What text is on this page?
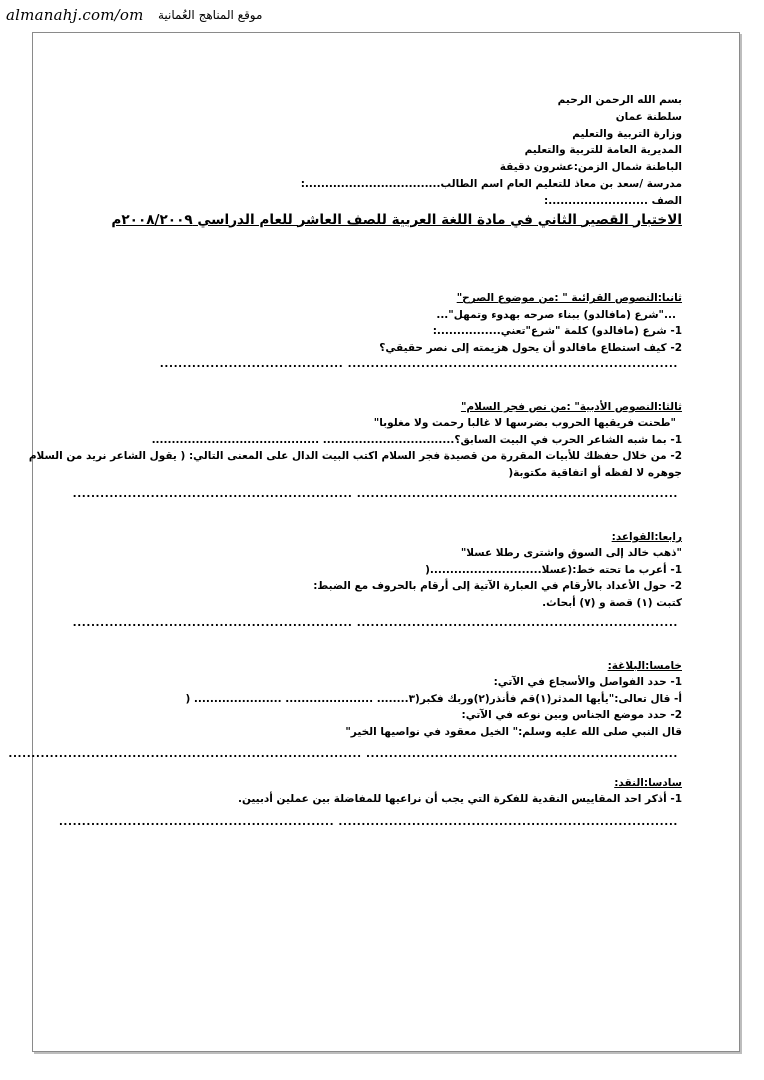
almanahj.com/om موقع المناهج العُمانية

بسم الله الرحمن الرحيم

سلطنة عمان

وزارة التربية والتعليم

المديرية العامة للتربية والتعليم

الباطنة شمال الزمن:عشرون دقيقة

مدرسة /سعد بن معاذ للتعليم العام اسم الطالب..................................:

الصف .........................:

الاختبار القصير الثاني في مادة اللغة العربية للصف العاشر للعام الدراسي ٢٠٠٨/٢٠٠٩م

ثانيا:النصوص القرائية " :من موضوع الصرح"

..."شرع (مافالدو) ببناء صرحه بهدوء وتمهل"...

1- شرع (مافالدو) كلمة "شرع"تعني................:

2- كيف استطاع مافالدو أن يحول هزيمته إلى نصر حقيقي؟

........................................................................ ........................................

ثالثا:النصوص الأدبية" :من نص فجر السلام"

"طحنت فريقيها الحروب بضرسها لا غالبا رحمت ولا مغلوبا"

1- بما شبه الشاعر الحرب في البيت السابق؟................................. ..........................................

2- من خلال حفظك للأبيات المقررة من قصيدة فجر السلام اكتب البيت الدال على المعنى التالي: ( يقول الشاعر نريد من السلام جوهره لا لفظه أو اتفاقية مكتوبة(

...................................................................... .............................................................

رابعا:القواعد:

"ذهب خالد إلى السوق واشترى رطلا عسلا"

1- أعرب ما تحته خط:(عسلا............................(

2- حول الأعداد بالأرقام في العبارة الآتية إلى أرقام بالحروف مع الضبط:

كتبت (١) قصة و (٧) أبحاث.

...................................................................... .............................................................

خامسا:البلاغة:

1- حدد الفواصل والأسجاع في الآتي:

أ- قال تعالى:"يأيها المدثر(١)قم فأنذر(٢)وربك فكبر(٣........ ...................... ...................... (

2- حدد موضع الجناس وبين نوعه في الآتي:

قال النبي صلى الله عليه وسلم:" الخيل معقود في نواصيها الخير"

.................................................................... .............................................................................

سادسا:النقد:

1- أذكر احد المقاييس النقدية للفكرة التي يجب أن نراعيها للمفاضلة بين عملين أدبيين.

.......................................................................... ............................................................
